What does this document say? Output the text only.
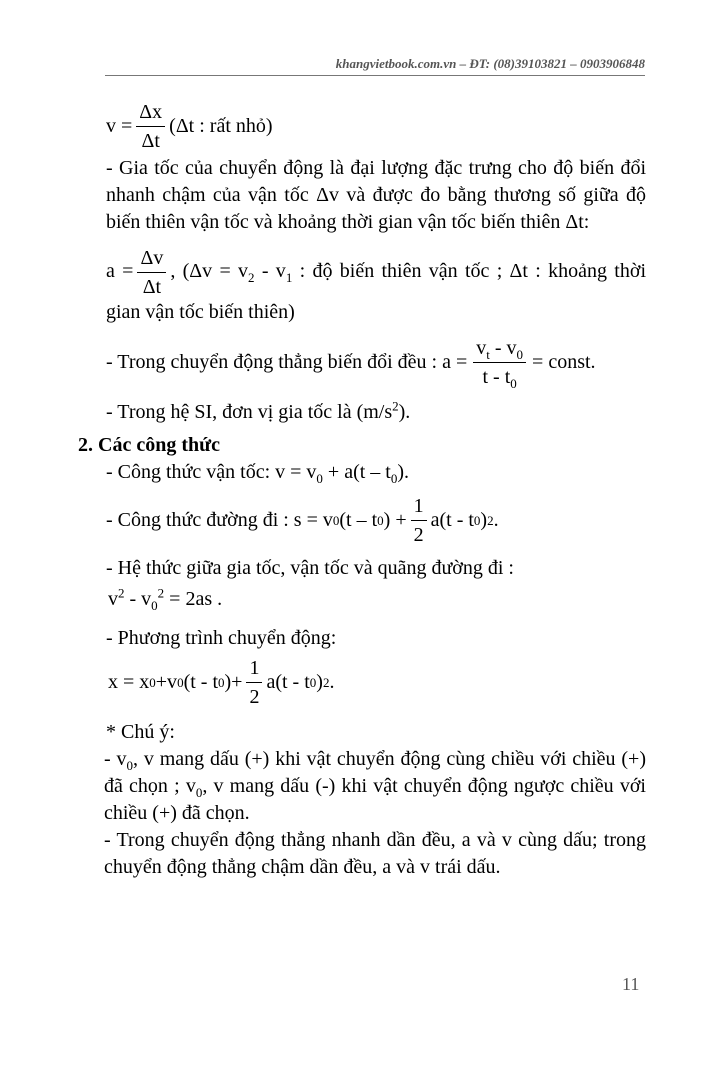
khangvietbook.com.vn – ĐT: (08)39103821 – 0903906848
$v = \frac{\Delta x}{\Delta t} (\Delta t$ : rất nhỏ)

- Gia tốc của chuyển động là đại lượng đặc trưng cho độ biến đổi nhanh chậm của vận tốc Δv và được đo bằng thương số giữa độ biến thiên vận tốc và khoảng thời gian vận tốc biến thiên Δt:

$a = \frac{\Delta v}{\Delta t}$ , ($\Delta v = v_2 - v_1$ : độ biến thiên vận tốc ; Δt : khoảng thời gian vận tốc biến thiên)
- Trong chuyển động thẳng biến đổi đều : $a = \frac{v_t - v_0}{t - t_0}$ = const.

- Trong hệ SI, đơn vị gia tốc là $(m/s^2)$.

2. Các công thức

- Công thức vận tốc: $v = v_0 + a(t - t_0)$.

- Công thức đường đi : s = v 0 (t – t 0 ) + $\frac{1}{2} a(t$ - t 0 ) 2 .

- Hệ thức giữa gia tốc, vận tốc và quãng đường đi :

$v^2 - v_0^2 = 2as$ .

- Phương trình chuyển động:

x = x 0 +v 0 (t - t 0 )+ $\frac{1}{2} a(t$ - t 0 ) 2 .

* Chú ý:

- $v_0$, v mang dấu (+) khi vật chuyển động cùng chiều với chiều (+) đã chọn ; $v_0$, v mang dấu (-) khi vật chuyển động ngược chiều với chiều (+) đã chọn.

- Trong chuyển động thẳng nhanh dần đều, a và v cùng dấu; trong chuyển động thẳng chậm dần đều, a và v trái dấu.

11
